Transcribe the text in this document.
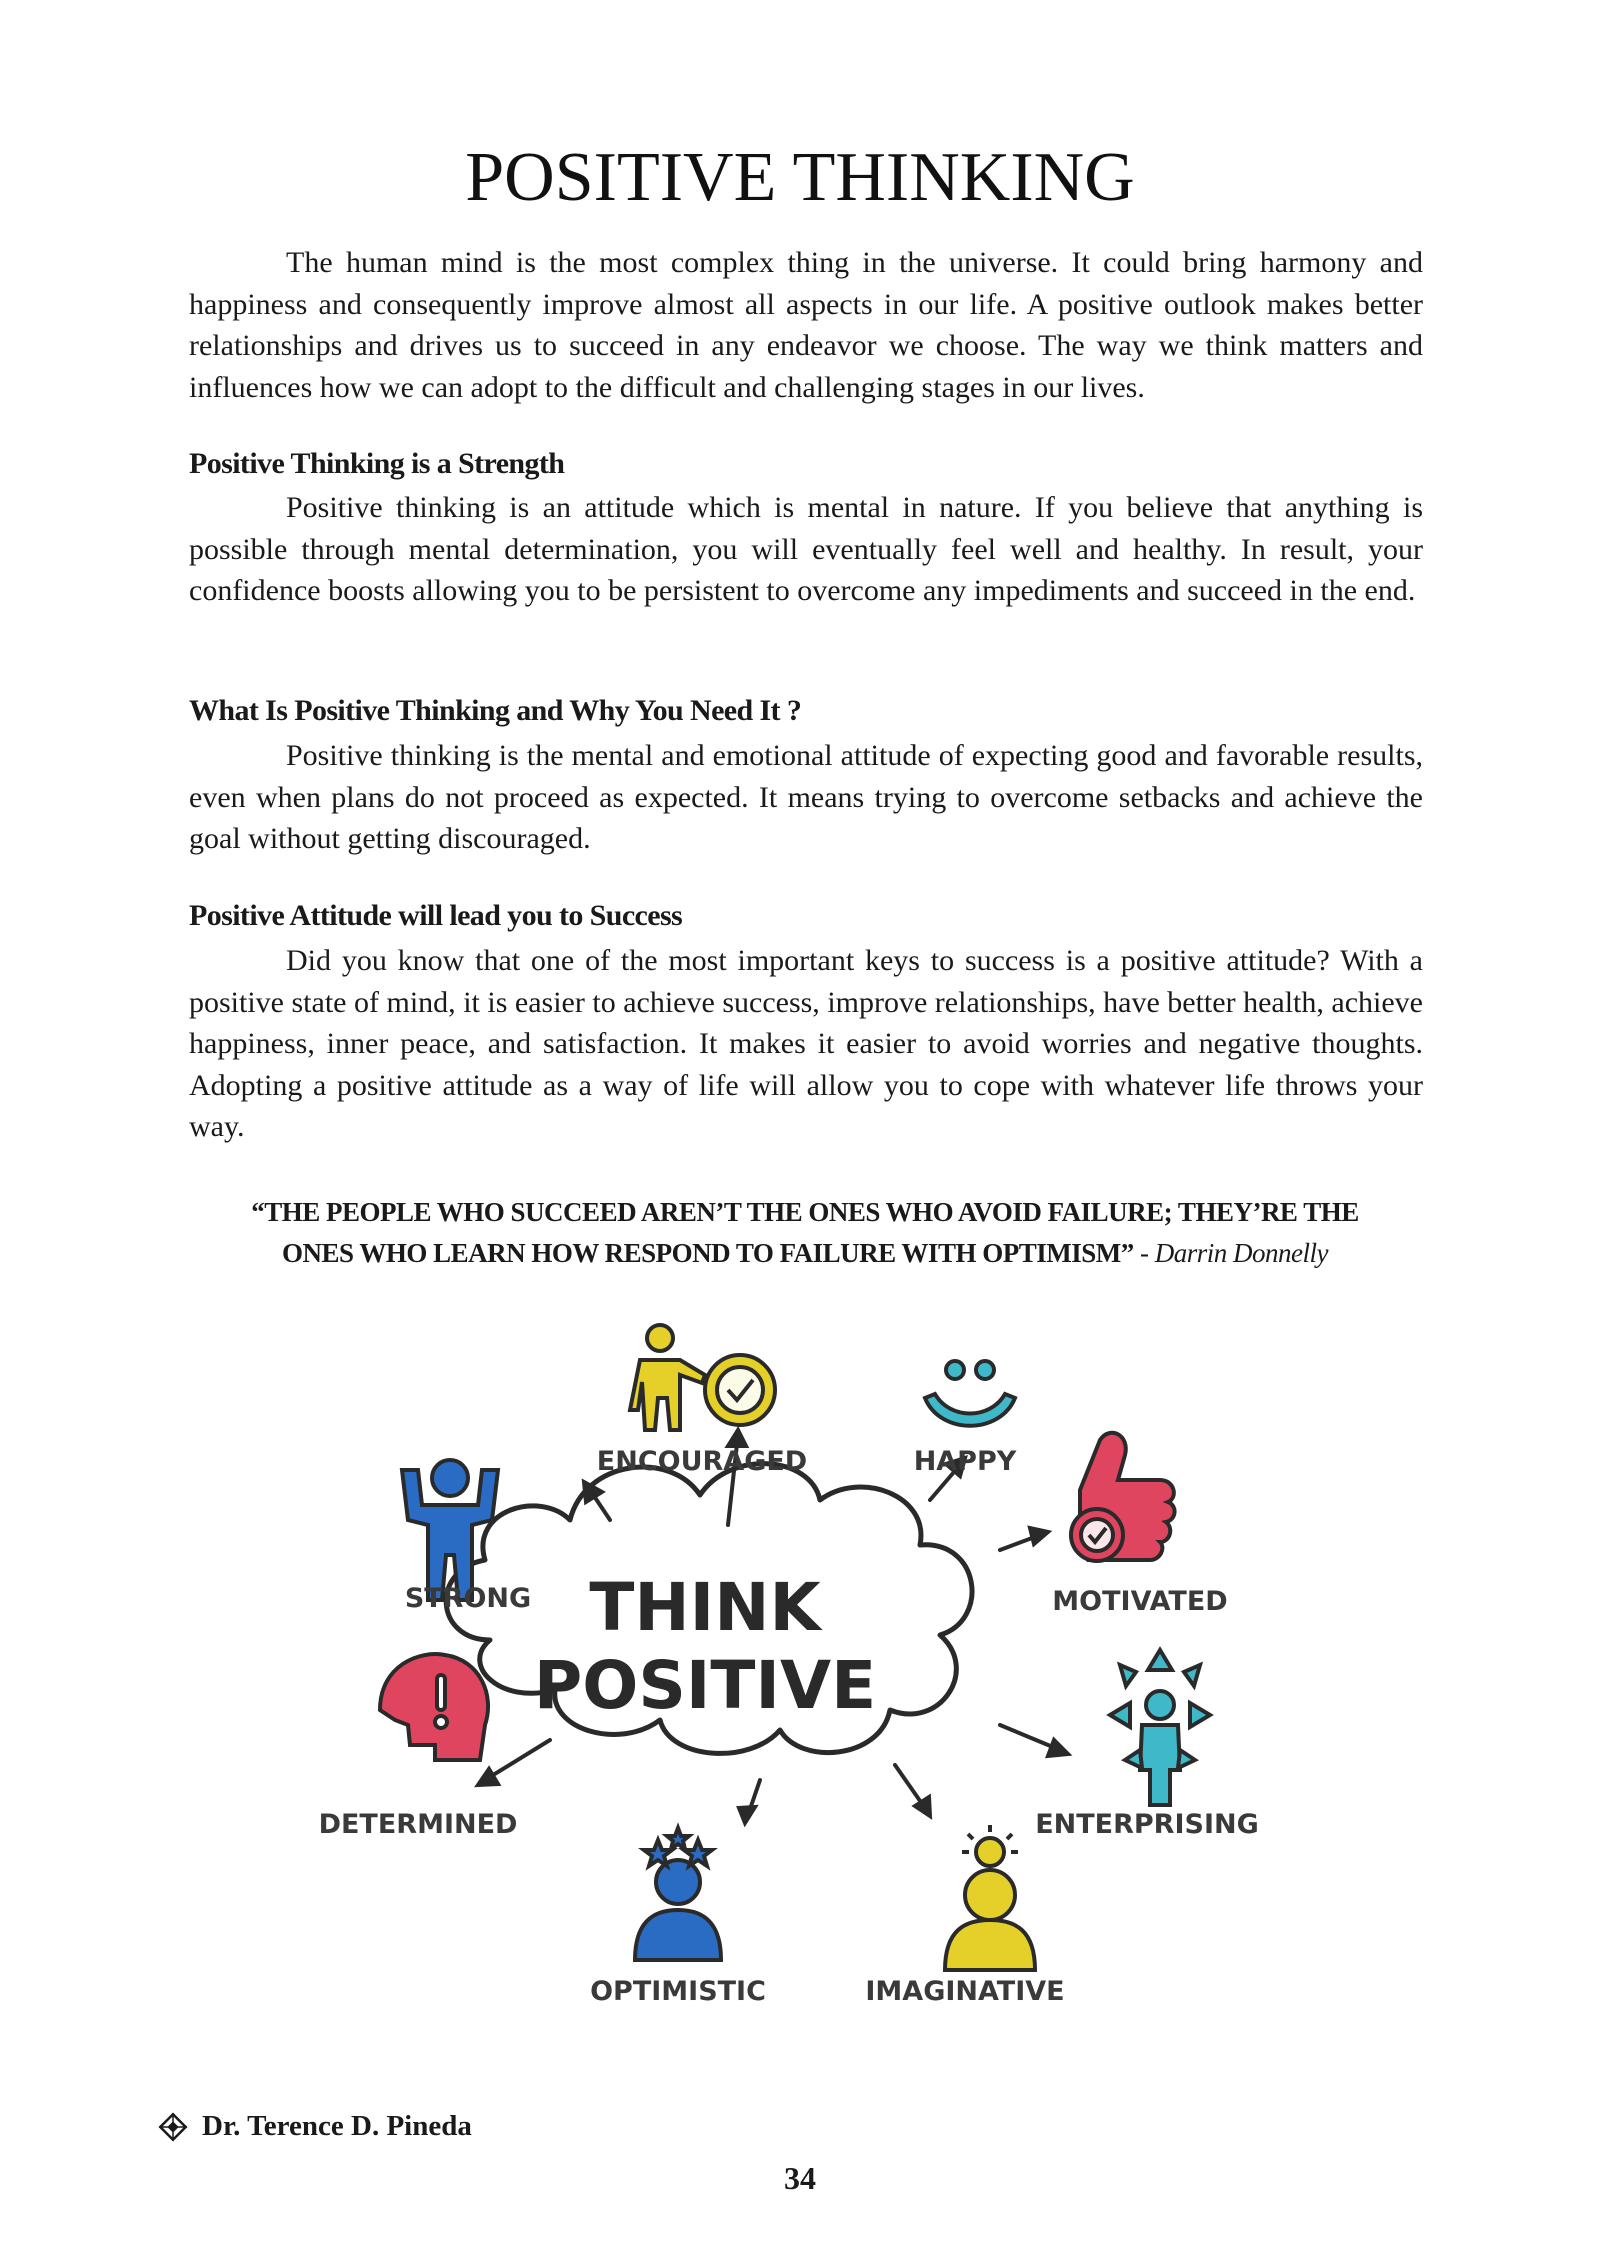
POSITIVE THINKING

The human mind is the most complex thing in the universe. It could bring harmony and happiness and consequently improve almost all aspects in our life. A positive outlook makes better relationships and drives us to succeed in any endeavor we choose. The way we think matters and influences how we can adopt to the difficult and challenging stages in our lives.

Positive Thinking is a Strength

Positive thinking is an attitude which is mental in nature. If you believe that anything is possible through mental determination, you will eventually feel well and healthy. In result, your confidence boosts allowing you to be persistent to overcome any impediments and succeed in the end.

What Is Positive Thinking and Why You Need It ?

Positive thinking is the mental and emotional attitude of expecting good and favorable results, even when plans do not proceed as expected. It means trying to overcome setbacks and achieve the goal without getting discouraged.

Positive Attitude will lead you to Success

Did you know that one of the most important keys to success is a positive attitude? With a positive state of mind, it is easier to achieve success, improve relationships, have better health, achieve happiness, inner peace, and satisfaction. It makes it easier to avoid worries and negative thoughts. Adopting a positive attitude as a way of life will allow you to cope with whatever life throws your way.

“THE PEOPLE WHO SUCCEED AREN’T THE ONES WHO AVOID FAILURE; THEY’RE THE
ONES WHO LEARN HOW RESPOND TO FAILURE WITH OPTIMISM” - Darrin Donnelly

THINK
POSITIVE
ENCOURAGED	HAPPY
STRONG	MOTIVATED
DETERMINED	ENTERPRISING
OPTIMISTIC	IMAGINATIVE
Dr. Terence D. Pineda
34
